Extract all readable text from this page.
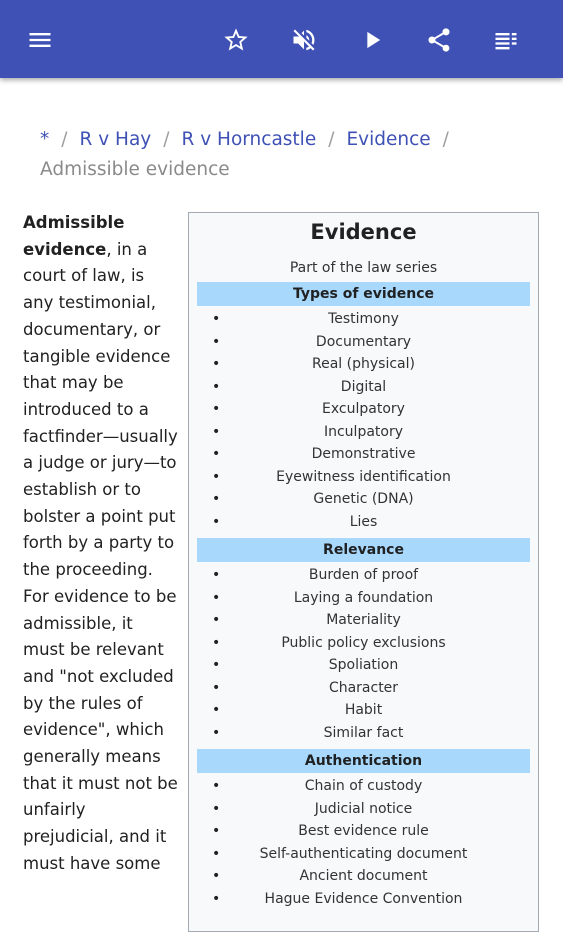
* / R v Hay / R v Horncastle / Evidence /
Admissible evidence
Admissible evidence, in a court of law, is any testimonial, documentary, or tangible evidence that may be introduced to a factfinder—usually a judge or jury—to establish or to bolster a point put forth by a party to the proceeding. For evidence to be admissible, it must be relevant and "not excluded by the rules of evidence", which generally means that it must not be unfairly prejudicial, and it must have some
Evidence
Part of the law series
Types of evidence
• Testimony
• Documentary
• Real (physical)
• Digital
• Exculpatory
• Inculpatory
• Demonstrative
• Eyewitness identification
• Genetic (DNA)
• Lies
Relevance
• Burden of proof
• Laying a foundation
• Materiality
• Public policy exclusions
• Spoliation
• Character
• Habit
• Similar fact
Authentication
• Chain of custody
• Judicial notice
• Best evidence rule
• Self-authenticating document
• Ancient document
• Hague Evidence Convention
